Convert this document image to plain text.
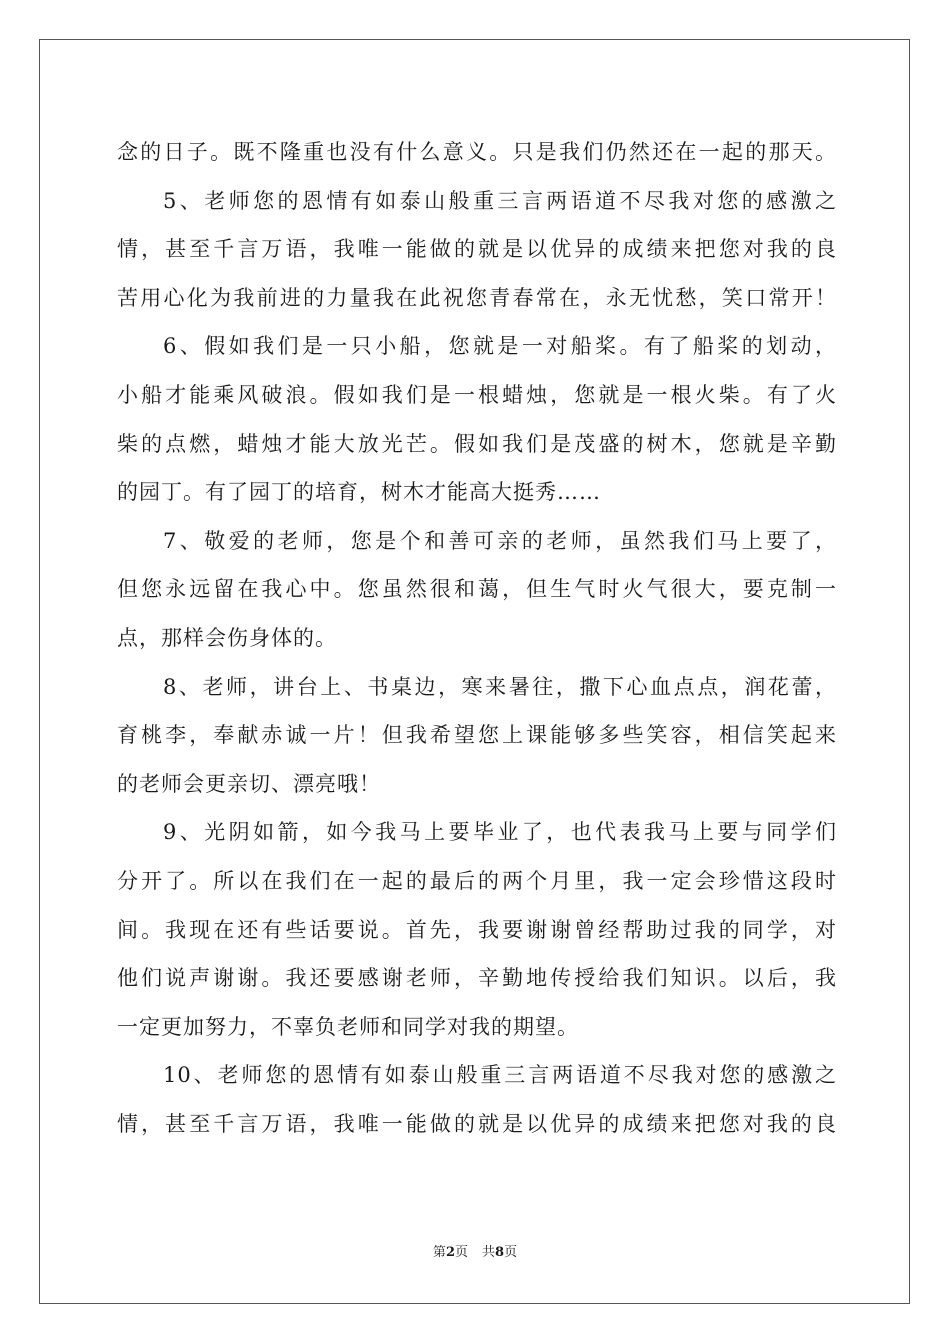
念的日子。既不隆重也没有什么意义。只是我们仍然还在一起的那天。
5、老师您的恩情有如泰山般重三言两语道不尽我对您的感激之
情，甚至千言万语，我唯一能做的就是以优异的成绩来把您对我的良
苦用心化为我前进的力量我在此祝您青春常在，永无忧愁，笑口常开！
6、假如我们是一只小船，您就是一对船桨。有了船桨的划动，
小船才能乘风破浪。假如我们是一根蜡烛，您就是一根火柴。有了火
柴的点燃，蜡烛才能大放光芒。假如我们是茂盛的树木，您就是辛勤
的园丁。有了园丁的培育，树木才能高大挺秀……
7、敬爱的老师，您是个和善可亲的老师，虽然我们马上要了，
但您永远留在我心中。您虽然很和蔼，但生气时火气很大，要克制一
点，那样会伤身体的。
8、老师，讲台上、书桌边，寒来暑往，撒下心血点点，润花蕾，
育桃李，奉献赤诚一片！但我希望您上课能够多些笑容，相信笑起来
的老师会更亲切、漂亮哦！
9、光阴如箭，如今我马上要毕业了，也代表我马上要与同学们
分开了。所以在我们在一起的最后的两个月里，我一定会珍惜这段时
间。我现在还有些话要说。首先，我要谢谢曾经帮助过我的同学，对
他们说声谢谢。我还要感谢老师，辛勤地传授给我们知识。以后，我
一定更加努力，不辜负老师和同学对我的期望。
10、老师您的恩情有如泰山般重三言两语道不尽我对您的感激之
情，甚至千言万语，我唯一能做的就是以优异的成绩来把您对我的良
第2页 共8页
